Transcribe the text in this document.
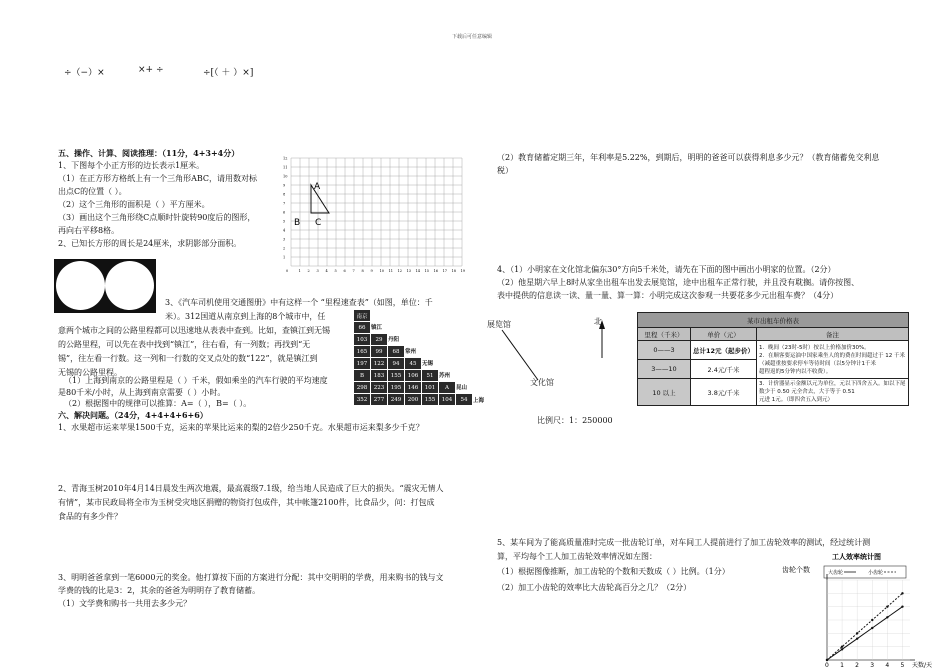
下载后可任意编辑
÷（−）×	×+ ÷	÷[（ ＋ ）×]
五、操作、计算、阅读推理：（11分，4+3+4分）
1、下图每个小正方形的边长表示1厘米。
（1）在正方形方格纸上有一个三角形ABC，请用数对标
出点C的位置（ ）。
（2）这个三角形的面积是（ ）平方厘米。
（3）画出这个三角形绕C点顺时针旋转90度后的图形，
再向右平移8格。
2、已知长方形的周长是24厘米，求阴影部分面积。
A
B C
1 2 3 4 5 6 7 8 9 10 11 12 13 14 15 16 17 18 19
1
2
3
4
5
6
7
8
9
10
11
12
0
3、《汽车司机使用交通图册》中有这样一个 “里程速查表”（如图，单位：千
米）。312国道从南京到上海的8个城市中，任
意两个城市之间的公路里程都可以迅速地从表表中查到。比如，查镇江到无锡
的公路里程，可以先在表中找到“镇江”，往右看，有一列数；再找到“无
锡”，往左看一行数。这一列和一行数的交叉点处的数“122”，就是镇江到
无锡的公路里程。
（1）上海到南京的公路里程是（ ）千米，假如乘坐的汽车行驶的平均速度
是80千米/小时，从上海到南京需要（ ）小时。
（2）根据图中的规律可以推算：A=（ ），B=（ ）。
南京							
66	镇江						
103	29	丹阳					
165	99	68	常州				
197	122	94	45	无锡			
B	183	155	106	51	苏州		
298	223	195	146	101	A	昆山	
352	277	249	200	155	104	54	上海
六、解决问题。（24分，4+4+4+6+6）
1、水果超市运来苹果1500千克，运来的苹果比运来的梨的2倍少250千克。水果超市运来梨多少千克？
2、青海玉树2010年4月14日晨发生两次地震，最高震级7.1级，给当地人民造成了巨大的损失。“震灾无情人
有情”，某市民政局将全市为玉树受灾地区捐赠的物资打包成件，其中帐篷2100件，比食品少，问：打包成
食品的有多少件？
3、明明爸爸拿到一笔6000元的奖金。他打算按下面的方案进行分配：其中交明明的学费，用来购书的钱与文
学费的钱的比是3：2，其余的爸爸为明明存了教育储蓄。
（1）文学费和购书一共用去多少元？
（2）教育储蓄定期三年，年利率是5.22%，到期后，明明的爸爸可以获得利息多少元？（教育储蓄免交利息
税）
4、（1）小明家在文化馆北偏东30°方向5千米处，请先在下面的图中画出小明家的位置。（2分）
（2）他星期六早上8时从家坐出租车出发去展览馆，途中出租车正常行驶，并且没有耽搁。请你按图、
表中提供的信息读一读、量一量、算一算：小明完成这次参观一共要花多少元出租车费？（4分）
展览馆
文化馆
北
比例尺：1：250000
某市出租车价格表		
里程（千米）	单价（元）	备注
0——3	总计12元（起步价）	1．晚间（23时-5时）按以上价格加价30%。
2．在顺客要运油中国家乘坐人的的费在时间超过于 12 千米（减超重按要求停车等待时间（以5分钟计1千米
超程返的5分钟内以不收费）。
3——10	2.4元/千米	
10 以上	3.8元/千米	3．计价器显示金额以元为单位，元以下四舍五入。如以下尾数少于 0.50 元全舍去，大于等于 0.51
元进 1元。（即四舍五入到元）
5、某车间为了能高质量准时完成一批齿轮订单，对车间工人提前进行了加工齿轮效率的测试，经过统计测
算，平均每个工人加工齿轮效率情况如左图：
（1）根据图像推断，加工齿轮的个数和天数成（ ）比例。（1分）
（2）加工小齿轮的效率比大齿轮高百分之几？（2分）
工人效率统计图
齿轮个数
天数/天
大齿轮	小齿轮
0 1 2 3 4 5
